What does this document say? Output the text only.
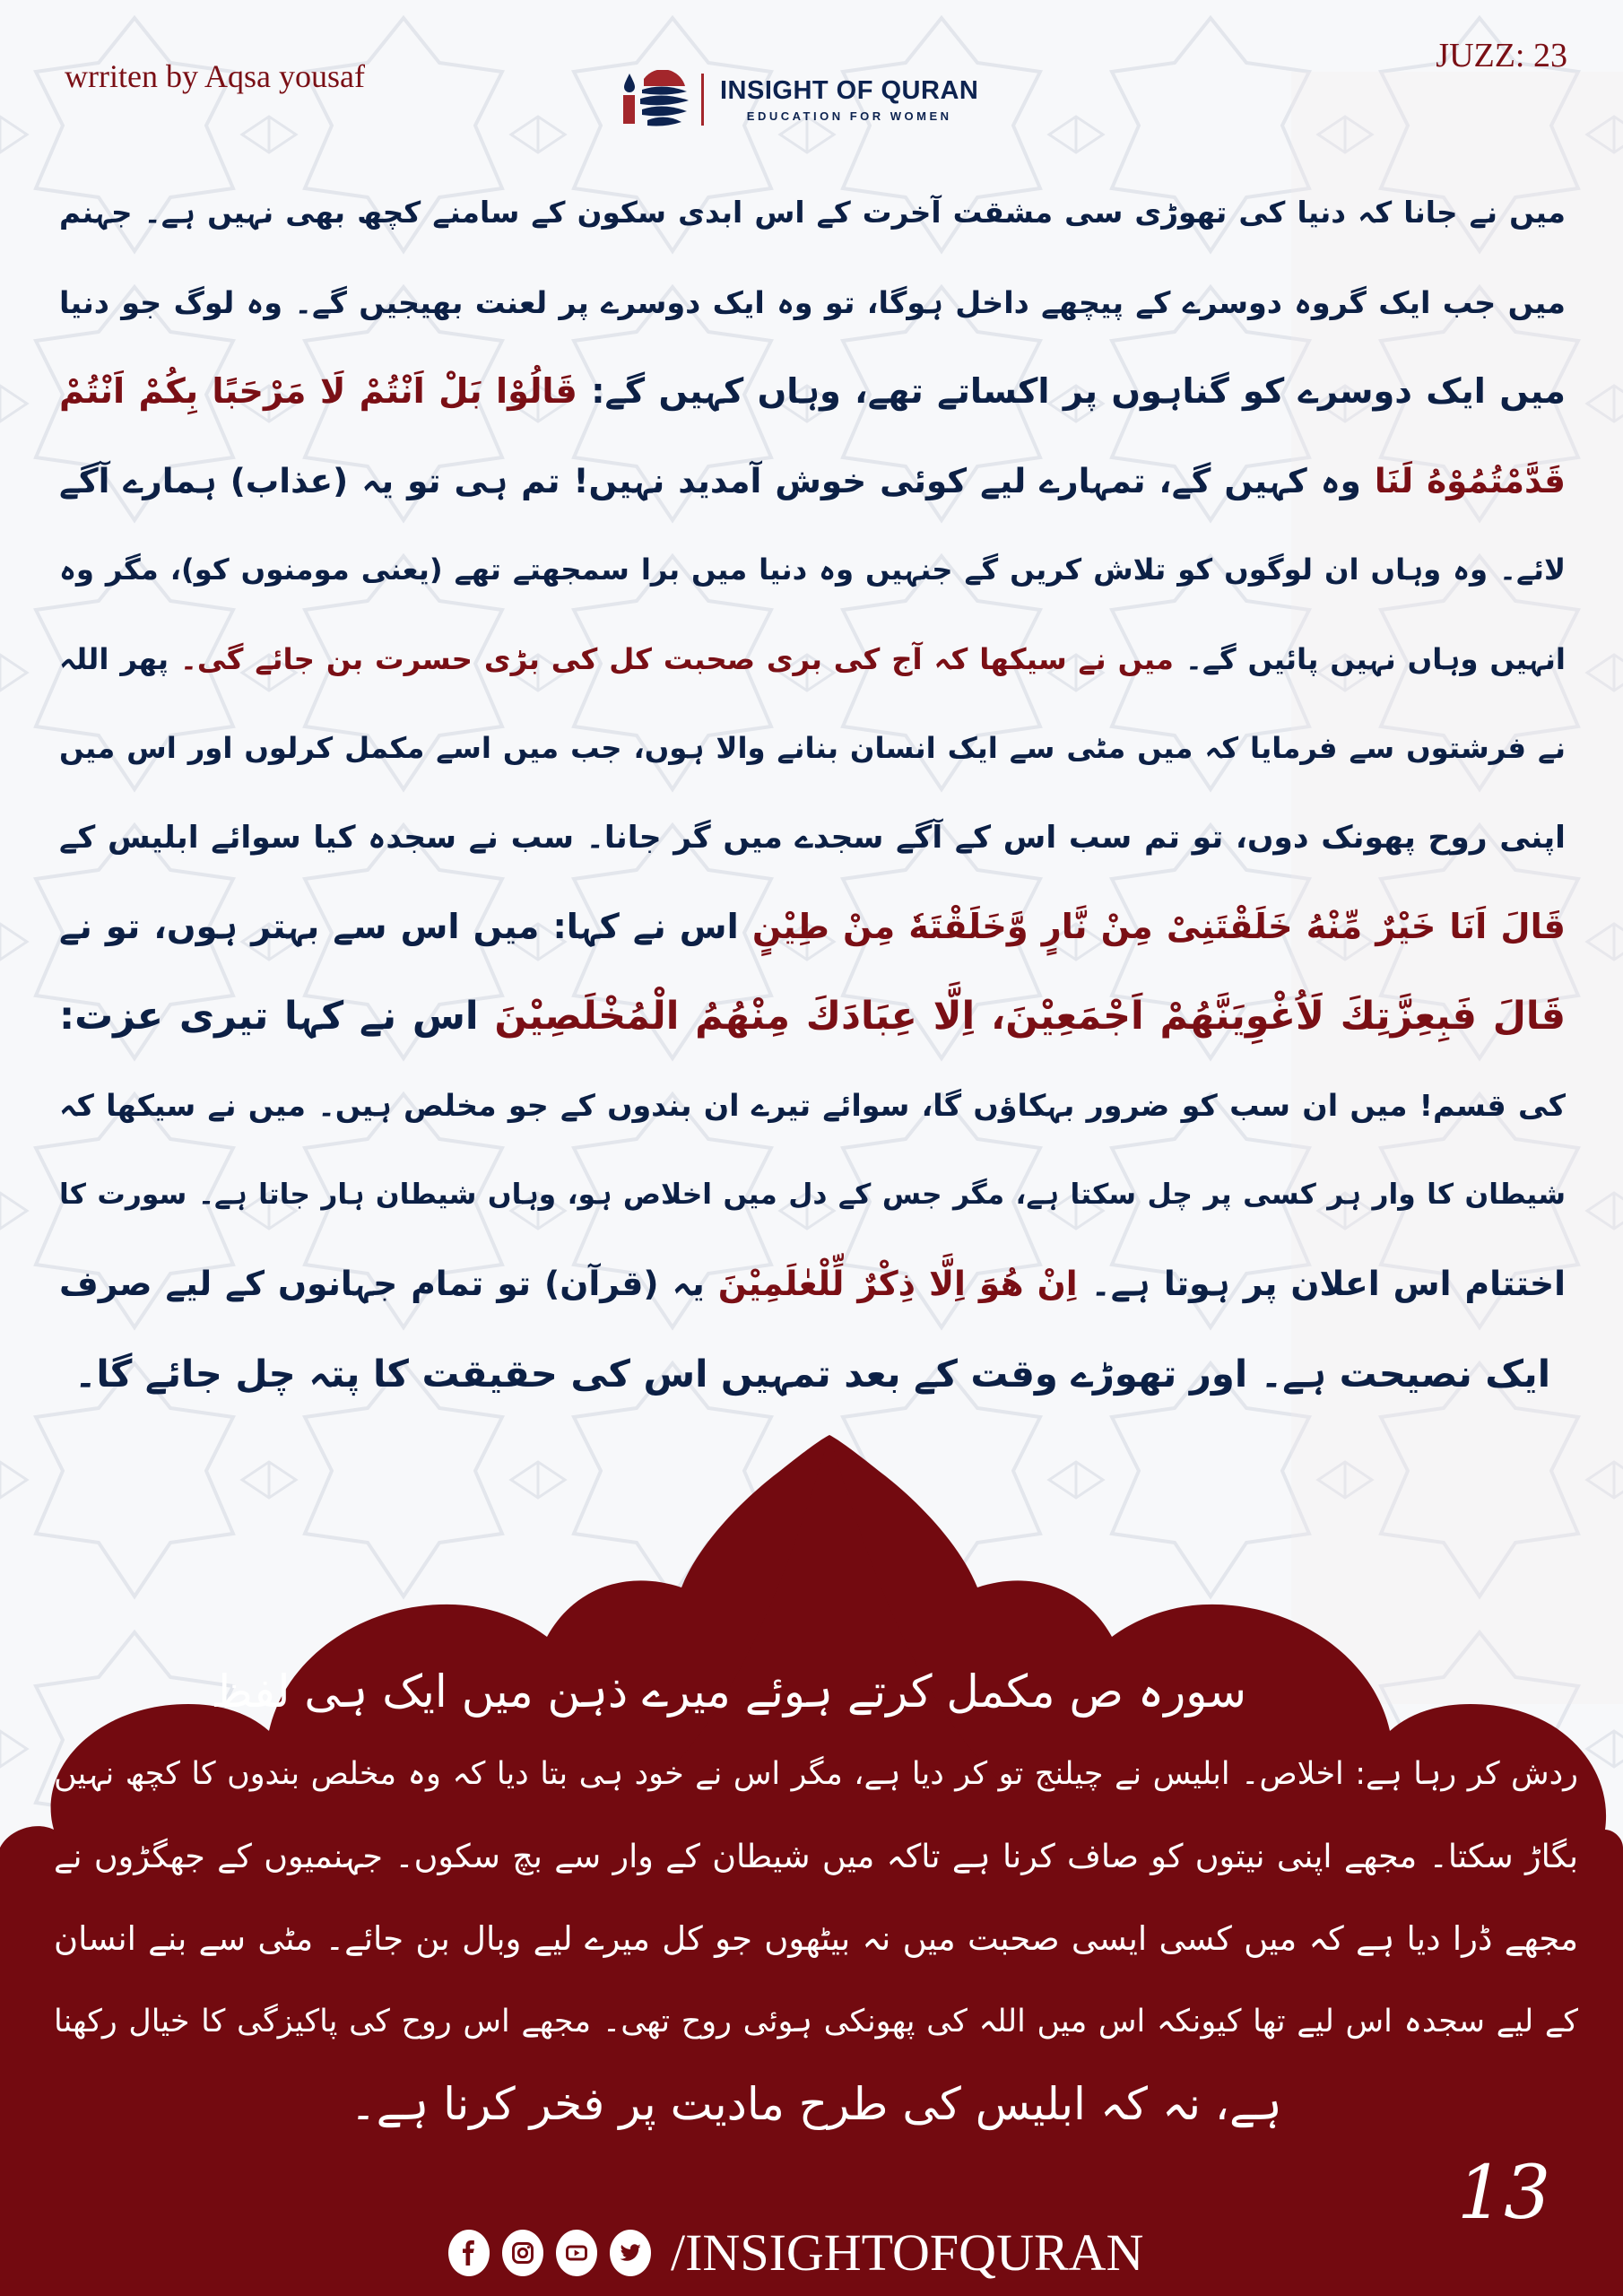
wrriten by Aqsa yousaf	INSIGHT OF QURAN
EDUCATION FOR WOMEN
JUZZ: 23
میں نے جانا کہ دنیا کی تھوڑی سی مشقت آخرت کے اس ابدی سکون کے سامنے کچھ بھی نہیں ہے۔ جہنم
میں جب ایک گروہ دوسرے کے پیچھے داخل ہوگا، تو وہ ایک دوسرے پر لعنت بھیجیں گے۔ وہ لوگ جو دنیا
میں ایک دوسرے کو گناہوں پر اکساتے تھے، وہاں کہیں گے: قَالُوْا بَلْ اَنْتُمْ لَا مَرْحَبًا بِكُمْ اَنْتُمْ
قَدَّمْتُمُوْهُ لَنَا وہ کہیں گے، تمہارے لیے کوئی خوش آمدید نہیں! تم ہی تو یہ (عذاب) ہمارے آگے
لائے۔ وہ وہاں ان لوگوں کو تلاش کریں گے جنہیں وہ دنیا میں برا سمجھتے تھے (یعنی مومنوں کو)، مگر وہ
انہیں وہاں نہیں پائیں گے۔ میں نے سیکھا کہ آج کی بری صحبت کل کی بڑی حسرت بن جائے گی۔ پھر اللہ
نے فرشتوں سے فرمایا کہ میں مٹی سے ایک انسان بنانے والا ہوں، جب میں اسے مکمل کرلوں اور اس میں
اپنی روح پھونک دوں، تو تم سب اس کے آگے سجدے میں گر جانا۔ سب نے سجدہ کیا سوائے ابلیس کے
قَالَ اَنَا خَيْرٌ مِّنْهُ خَلَقْتَنِىْ مِنْ نَّارٍ وَّخَلَقْتَهٗ مِنْ طِيْنٍ اس نے کہا: میں اس سے بہتر ہوں، تو نے
قَالَ فَبِعِزَّتِكَ لَاُغْوِيَنَّهُمْ اَجْمَعِيْنَ، اِلَّا عِبَادَكَ مِنْهُمُ الْمُخْلَصِيْنَ اس نے کہا تیری عزت:
کی قسم! میں ان سب کو ضرور بہکاؤں گا، سوائے تیرے ان بندوں کے جو مخلص ہیں۔ میں نے سیکھا کہ
شیطان کا وار ہر کسی پر چل سکتا ہے، مگر جس کے دل میں اخلاص ہو، وہاں شیطان ہار جاتا ہے۔ سورت کا
اختتام اس اعلان پر ہوتا ہے۔ اِنْ هُوَ اِلَّا ذِكْرٌ لِّلْعٰلَمِيْنَ یہ (قرآن) تو تمام جہانوں کے لیے صرف
ایک نصیحت ہے۔ اور تھوڑے وقت کے بعد تمہیں اس کی حقیقت کا پتہ چل جائے گا۔
سورہ ص مکمل کرتے ہوئے میرے ذہن میں ایک ہی لفظ
ردش کر رہا ہے: اخلاص۔ ابلیس نے چیلنج تو کر دیا ہے، مگر اس نے خود ہی بتا دیا کہ وہ مخلص بندوں کا کچھ نہیں
بگاڑ سکتا۔ مجھے اپنی نیتوں کو صاف کرنا ہے تاکہ میں شیطان کے وار سے بچ سکوں۔ جہنمیوں کے جھگڑوں نے
مجھے ڈرا دیا ہے کہ میں کسی ایسی صحبت میں نہ بیٹھوں جو کل میرے لیے وبال بن جائے۔ مٹی سے بنے انسان
کے لیے سجدہ اس لیے تھا کیونکہ اس میں اللہ کی پھونکی ہوئی روح تھی۔ مجھے اس روح کی پاکیزگی کا خیال رکھنا
ہے، نہ کہ ابلیس کی طرح مادیت پر فخر کرنا ہے۔
13
/INSIGHTOFQURAN
